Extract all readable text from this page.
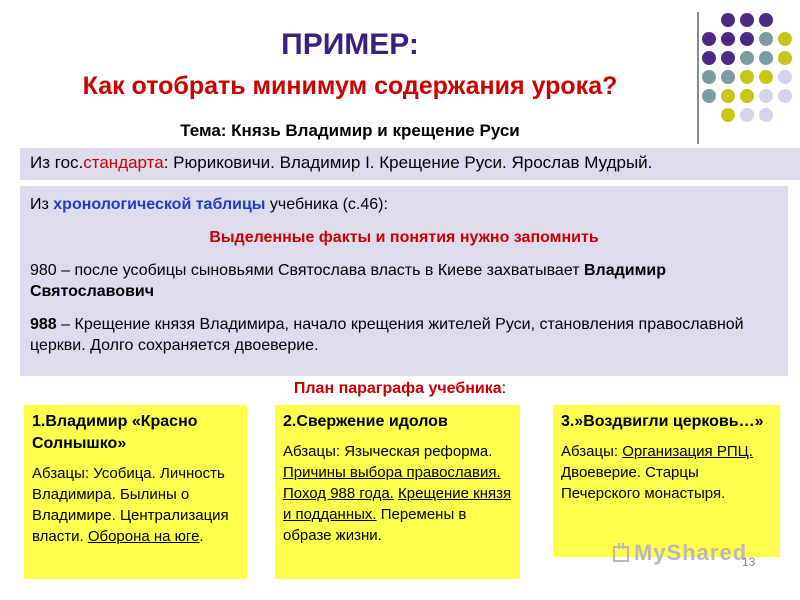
ПРИМЕР:
Как отобрать минимум содержания урока?
Тема: Князь Владимир и крещение Руси
Из гос.стандарта: Рюриковичи. Владимир I. Крещение Руси. Ярослав Мудрый.

Из хронологической таблицы учебника (с.46):

Выделенные факты и понятия нужно запомнить

980 – после усобицы сыновьями Святослава власть в Киеве захватывает Владимир Святославович

988 – Крещение князя Владимира, начало крещения жителей Руси, становления православной церкви. Долго сохраняется двоеверие.

План параграфа учебника:
1.Владимир «Красно Солнышко»
Абзацы: Усобица. Личность Владимира. Былины о Владимире. Централизация власти. Оборона на юге.
2.Свержение идолов
Абзацы: Языческая реформа. Причины выбора православия. Поход 988 года. Крещение князя и подданных. Перемены в образе жизни.
3.»Воздвигли церковь…»
Абзацы: Организация РПЦ. Двоеверие. Старцы Печерского монастыря.
MyShared
13
